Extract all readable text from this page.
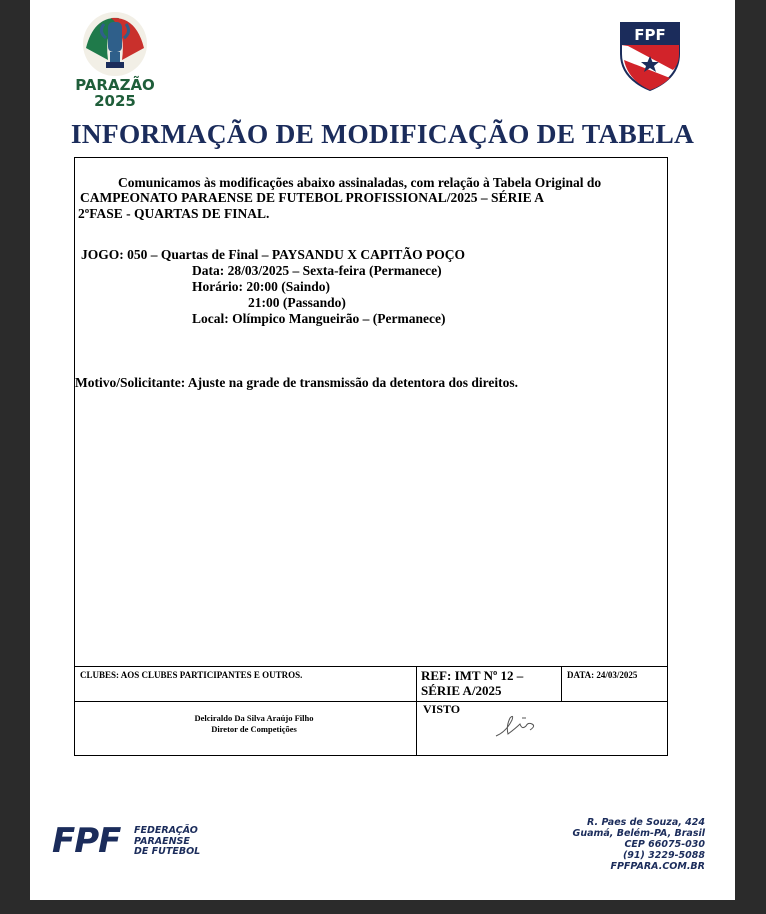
PARAZÃO
2025
FPF
INFORMAÇÃO DE MODIFICAÇÃO DE TABELA
Comunicamos às modificações abaixo assinaladas, com relação à Tabela Original do
CAMPEONATO PARAENSE DE FUTEBOL PROFISSIONAL/2025 – SÉRIE A
2ºFASE - QUARTAS DE FINAL.
JOGO: 050 – Quartas de Final – PAYSANDU X CAPITÃO POÇO
Data: 28/03/2025 – Sexta-feira (Permanece)
Horário: 20:00 (Saindo)
21:00 (Passando)
Local: Olímpico Mangueirão – (Permanece)
Motivo/Solicitante: Ajuste na grade de transmissão da detentora dos direitos.
CLUBES: AOS CLUBES PARTICIPANTES E OUTROS.	REF: IMT Nº 12 –
SÉRIE A/2025
DATA: 24/03/2025
VISTO
Delciraldo Da Silva Araújo Filho
Diretor de Competições
FPF FEDERAÇÃO
PARAENSE
DE FUTEBOL
R. Paes de Souza, 424
Guamá, Belém-PA, Brasil
CEP 66075-030
(91) 3229-5088
FPFPARA.COM.BR
